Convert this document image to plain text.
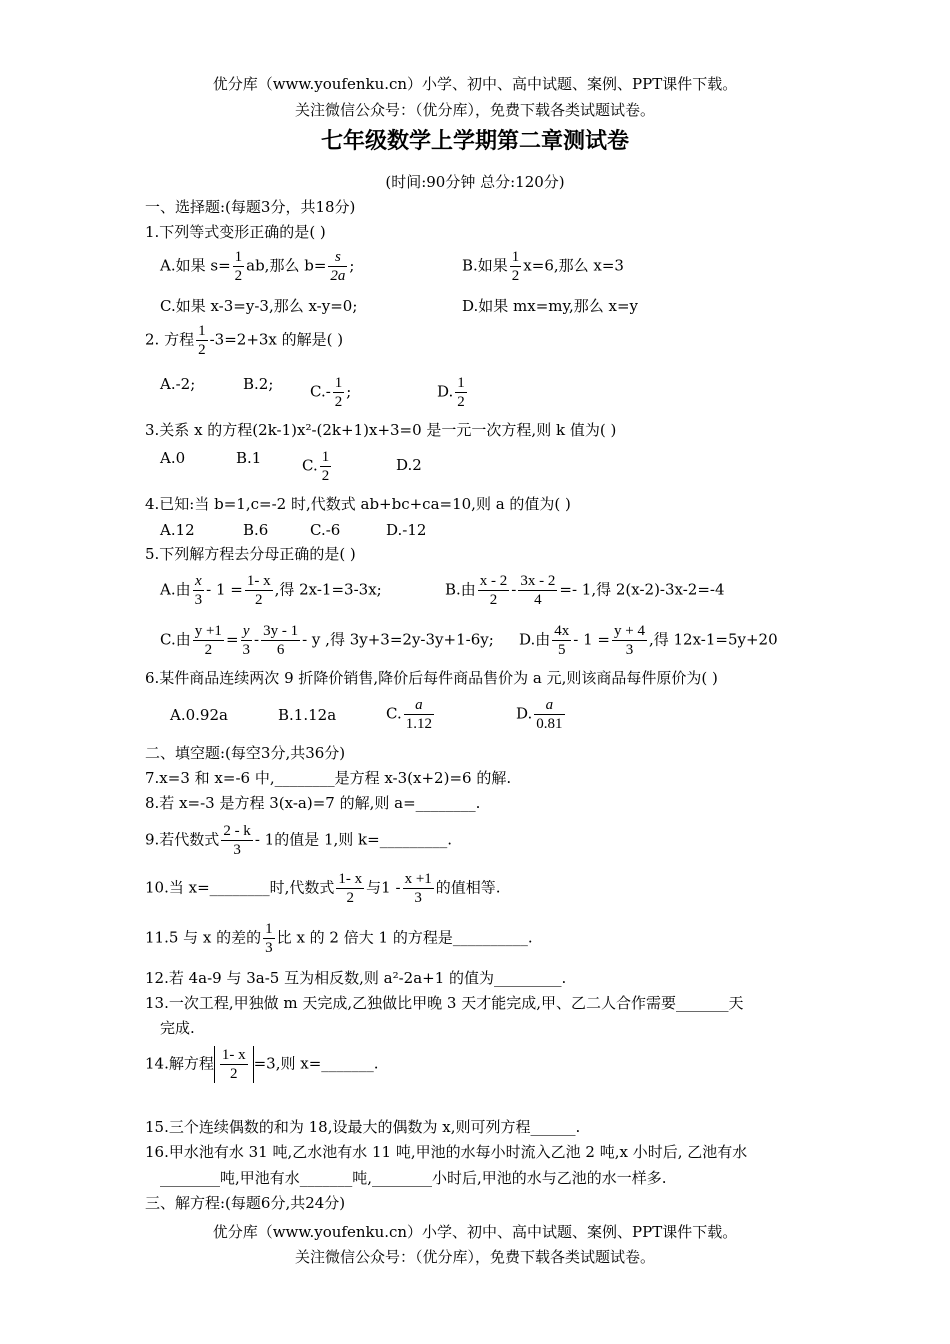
优分库（www.youfenku.cn）小学、初中、高中试题、案例、PPT课件下载。
关注微信公众号：（优分库），免费下载各类试题试卷。
七年级数学上学期第二章测试卷
(时间:90分钟 总分:120分)
一、选择题:(每题3分，共18分)
1.下列等式变形正确的是( )
A.如果 $s= \frac{1}{2}$ ab,那么 $b= \frac{s}{2a}$ ;	B.如果 $\frac{1}{2} x=6$,那么 x=3
C.如果 x-3=y-3,那么 x-y=0;	D.如果 mx=my,那么 x=y
2. 方程 $\frac{1}{2} -3=2+3x$ 的解是( )
A.-2;	B.2; $C.- \frac{1}{2}$ ;	D. $\frac{1}{2}$
3.关系 x 的方程(2k-1)x²-(2k+1)x+3=0 是一元一次方程,则 k 值为( )
A.0	B.1	C. $\frac{1}{2}$	D.2
4.已知:当 b=1,c=-2 时,代数式 ab+bc+ca=10,则 a 的值为( )
A.12	B.6	C.-6	D.-12
5.下列解方程去分母正确的是( )
A.由 $\frac{x}{3} - 1 = \frac{1- x}{2}$ ,得 2x-1=3-3x;	B.由 $\frac{x - 2}{2} - \frac{3x - 2}{4} =- 1$,得 2(x-2)-3x-2=-4
C.由 $\frac{y +1}{2} = \frac{y}{3} - \frac{3y - 1}{6} - y$ ,得 3y+3=2y-3y+1-6y; D.由 $\frac{4x}{5} - 1 = \frac{y + 4}{3}$ ,得 12x-1=5y+20
6.某件商品连续两次 9 折降价销售,降价后每件商品售价为 a 元,则该商品每件原价为( )
A.0.92a	B.1.12a	C. $\frac{a}{1.12}$	D. $\frac{a}{0.81}$
二、填空题:(每空3分,共36分)
7.x=3 和 x=-6 中,________是方程 x-3(x+2)=6 的解.
8.若 x=-3 是方程 3(x-a)=7 的解,则 a=________.
9.若代数式 $\frac{2 - k}{3} - 1$的值是 1,则 k=_________.
10.当 x=________时,代数式 $\frac{1- x}{2}$ 与$1 - \frac{x +1}{3}$ 的值相等.
11.5 与 x 的差的 $\frac{1}{3}$ 比 x 的 2 倍大 1 的方程是__________.
12.若 4a-9 与 3a-5 互为相反数,则 a²-2a+1 的值为_________.
13.一次工程,甲独做 m 天完成,乙独做比甲晚 3 天才能完成,甲、乙二人合作需要_______天
完成.
14.解方程 $\frac{1- x}{2} =3$,则 x=_______.
15.三个连续偶数的和为 18,设最大的偶数为 x,则可列方程______.
16.甲水池有水 31 吨,乙水池有水 11 吨,甲池的水每小时流入乙池 2 吨,x 小时后, 乙池有水
________吨,甲池有水_______吨,________小时后,甲池的水与乙池的水一样多.
三、解方程:(每题6分,共24分)
优分库（www.youfenku.cn）小学、初中、高中试题、案例、PPT课件下载。
关注微信公众号：（优分库），免费下载各类试题试卷。
